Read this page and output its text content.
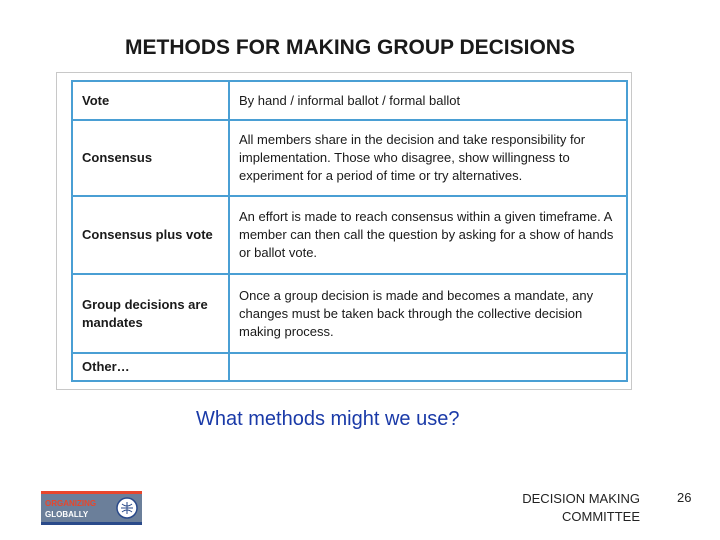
METHODS FOR MAKING GROUP DECISIONS
Vote	By hand / informal ballot / formal ballot
Consensus	All members share in the decision and take responsibility for implementation. Those who disagree, show willingness to experiment for a period of time or try alternatives.
Consensus plus vote	An effort is made to reach consensus within a given timeframe. A member can then call the question by asking for a show of hands or ballot vote.
Group decisions are mandates	Once a group decision is made and becomes a mandate, any changes must be taken back through the collective decision making process.
Other…	
What methods might we use?
ORGANIZING
GLOBALLY
DECISION MAKING COMMITTEE
26
